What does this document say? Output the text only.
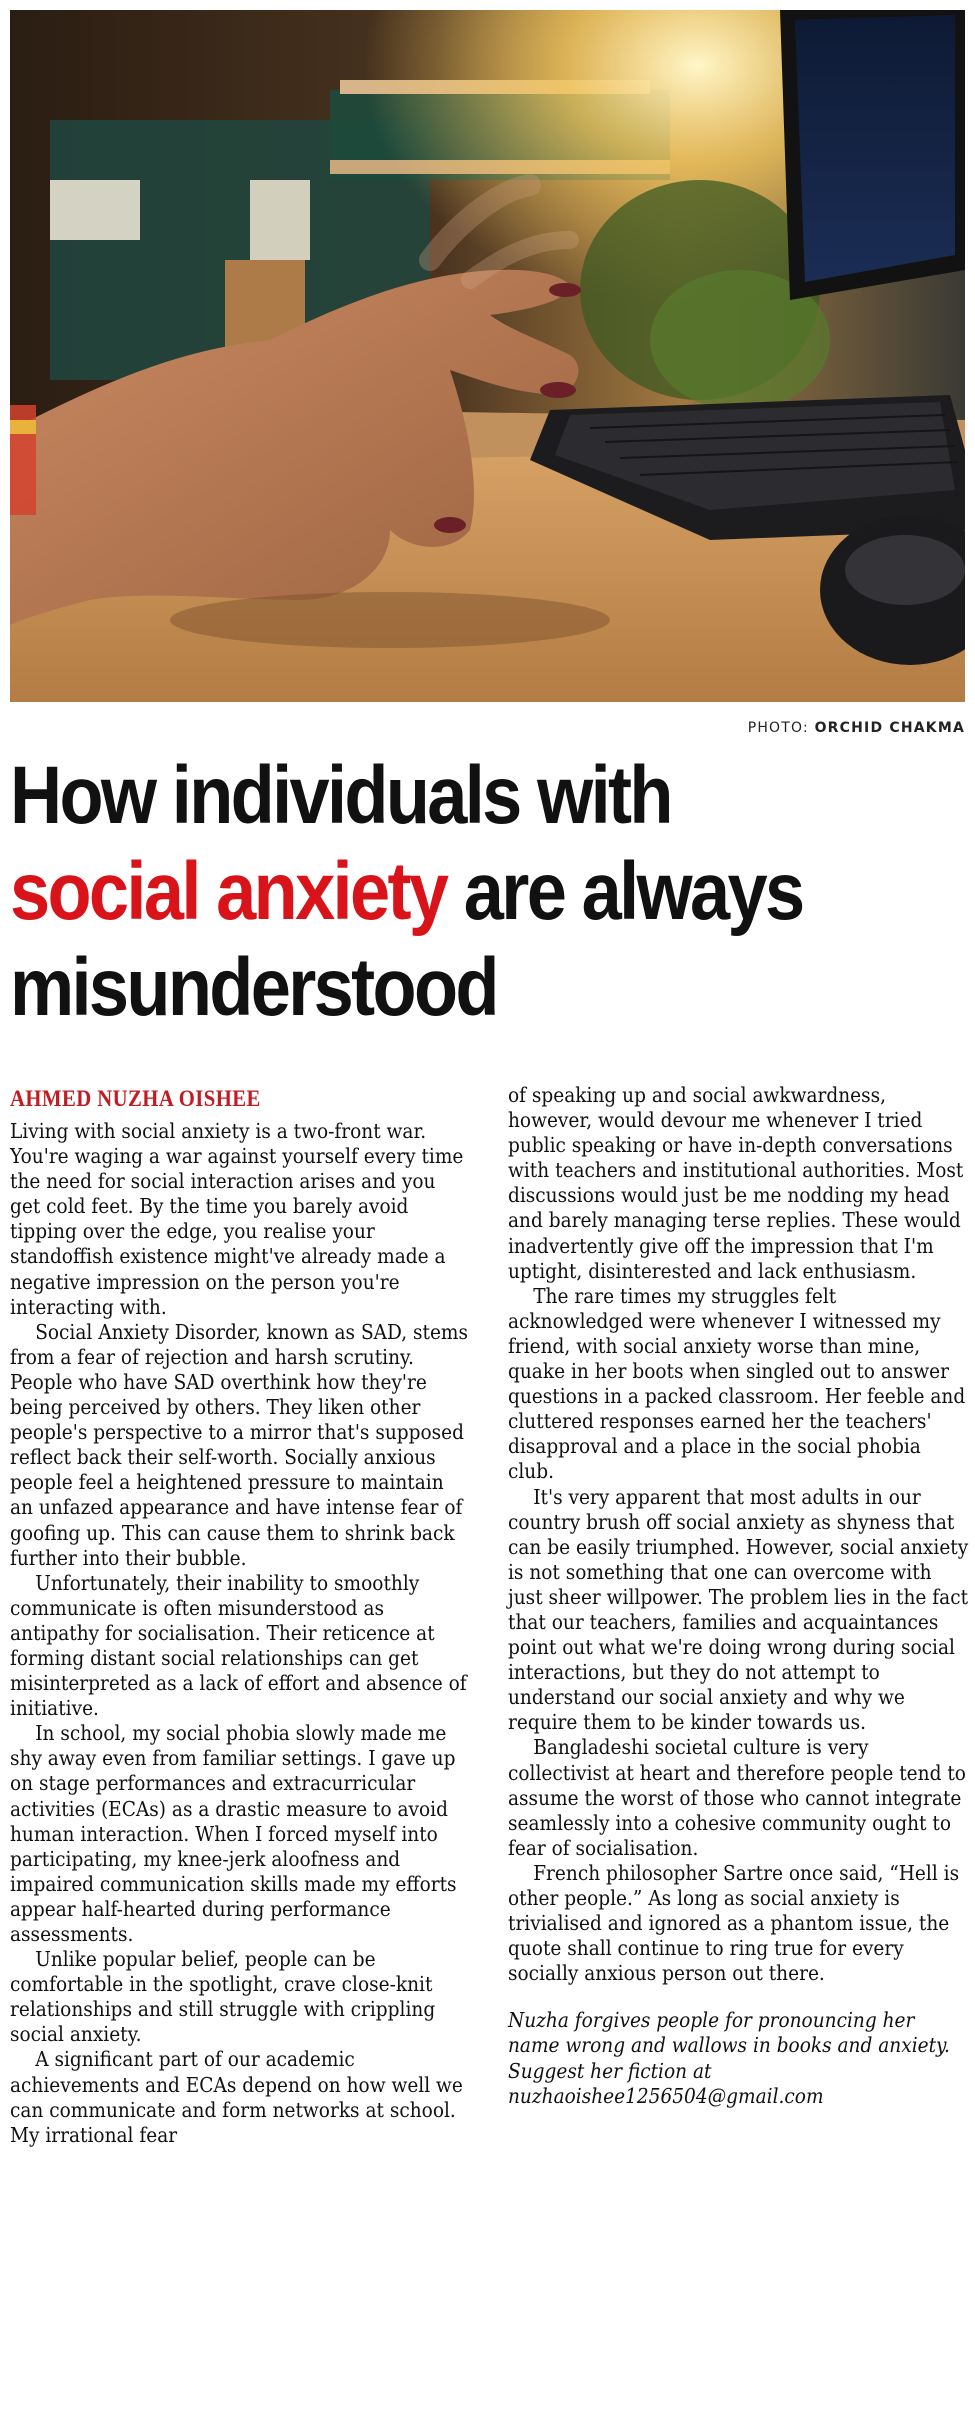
PHOTO: ORCHID CHAKMA
How individuals with
social anxiety are always
misunderstood

AHMED NUZHA OISHEE

Living with social anxiety is a two-front war. You're waging a war against yourself every time the need for social interaction arises and you get cold feet. By the time you barely avoid tipping over the edge, you realise your standoffish existence might've already made a negative impression on the person you're interacting with.

Social Anxiety Disorder, known as SAD, stems from a fear of rejection and harsh scrutiny. People who have SAD overthink how they're being perceived by others. They liken other people's perspective to a mirror that's supposed reflect back their self-worth. Socially anxious people feel a heightened pressure to maintain an unfazed appearance and have intense fear of goofing up. This can cause them to shrink back further into their bubble.

Unfortunately, their inability to smoothly communicate is often misunderstood as antipathy for socialisation. Their reticence at forming distant social relationships can get misinterpreted as a lack of effort and absence of initiative.

In school, my social phobia slowly made me shy away even from familiar settings. I gave up on stage performances and extracurricular activities (ECAs) as a drastic measure to avoid human interaction. When I forced myself into participating, my knee-jerk aloofness and impaired communication skills made my efforts appear half-hearted during performance assessments.

Unlike popular belief, people can be comfortable in the spotlight, crave close-knit relationships and still struggle with crippling social anxiety.

A significant part of our academic achievements and ECAs depend on how well we can communicate and form networks at school. My irrational fear

of speaking up and social awkwardness, however, would devour me whenever I tried public speaking or have in-depth conversations with teachers and institutional authorities. Most discussions would just be me nodding my head and barely managing terse replies. These would inadvertently give off the impression that I'm uptight, disinterested and lack enthusiasm.

The rare times my struggles felt acknowledged were whenever I witnessed my friend, with social anxiety worse than mine, quake in her boots when singled out to answer questions in a packed classroom. Her feeble and cluttered responses earned her the teachers' disapproval and a place in the social phobia club.

It's very apparent that most adults in our country brush off social anxiety as shyness that can be easily triumphed. However, social anxiety is not something that one can overcome with just sheer willpower. The problem lies in the fact that our teachers, families and acquaintances point out what we're doing wrong during social interactions, but they do not attempt to understand our social anxiety and why we require them to be kinder towards us.

Bangladeshi societal culture is very collectivist at heart and therefore people tend to assume the worst of those who cannot integrate seamlessly into a cohesive community ought to fear of socialisation.

French philosopher Sartre once said, “Hell is other people.” As long as social anxiety is trivialised and ignored as a phantom issue, the quote shall continue to ring true for every socially anxious person out there.

Nuzha forgives people for pronouncing her name wrong and wallows in books and anxiety. Suggest her fiction at nuzhaoishee1256504@gmail.com
